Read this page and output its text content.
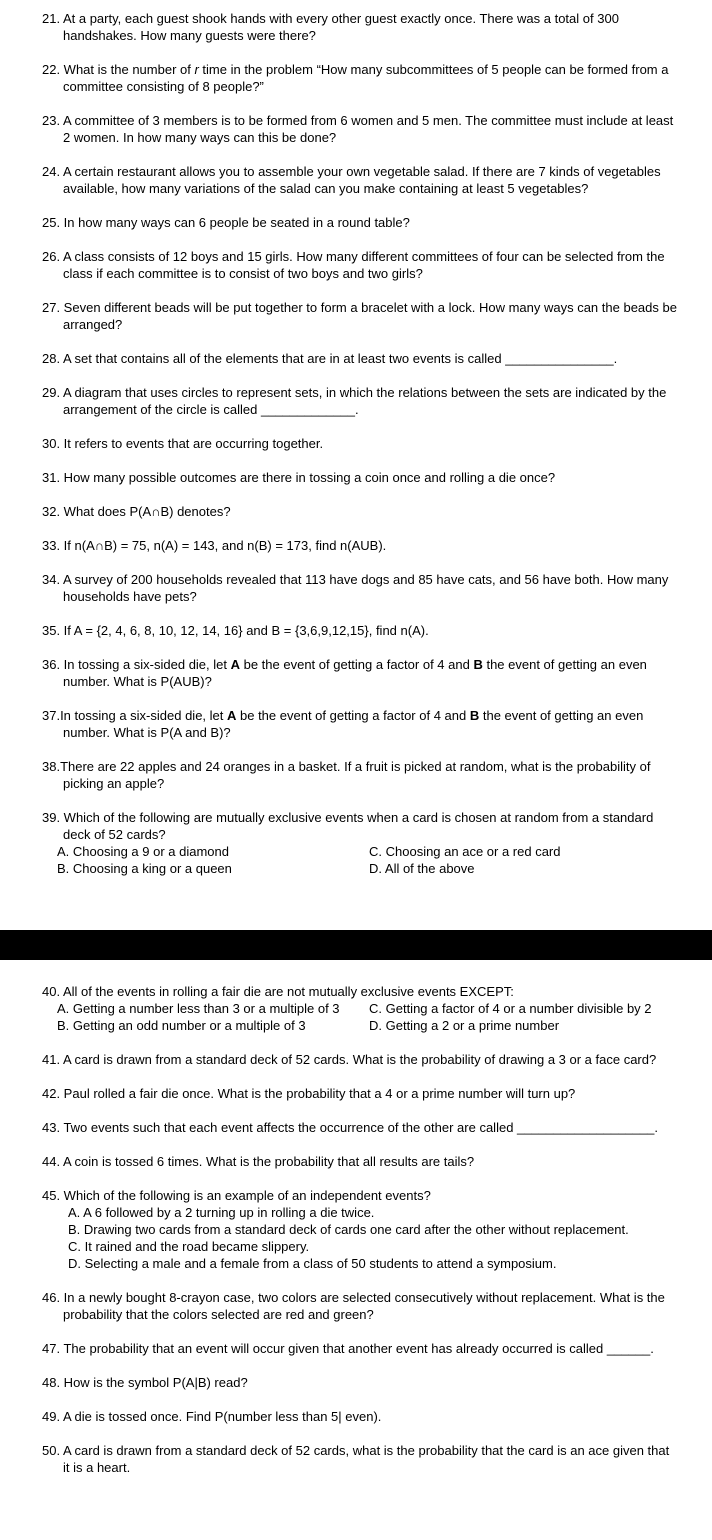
21. At a party, each guest shook hands with every other guest exactly once. There was a total of 300 handshakes. How many guests were there?

22. What is the number of r time in the problem “How many subcommittees of 5 people can be formed from a committee consisting of 8 people?”

23. A committee of 3 members is to be formed from 6 women and 5 men. The committee must include at least 2 women. In how many ways can this be done?

24. A certain restaurant allows you to assemble your own vegetable salad. If there are 7 kinds of vegetables available, how many variations of the salad can you make containing at least 5 vegetables?

25. In how many ways can 6 people be seated in a round table?

26. A class consists of 12 boys and 15 girls. How many different committees of four can be selected from the class if each committee is to consist of two boys and two girls?

27. Seven different beads will be put together to form a bracelet with a lock. How many ways can the beads be arranged?

28. A set that contains all of the elements that are in at least two events is called _______________.

29. A diagram that uses circles to represent sets, in which the relations between the sets are indicated by the arrangement of the circle is called _____________.

30. It refers to events that are occurring together.

31. How many possible outcomes are there in tossing a coin once and rolling a die once?

32. What does P(A∩B) denotes?

33. If n(A∩B) = 75, n(A) = 143, and n(B) = 173, find n(AUB).

34. A survey of 200 households revealed that 113 have dogs and 85 have cats, and 56 have both. How many households have pets?

35. If A = {2, 4, 6, 8, 10, 12, 14, 16} and B = {3,6,9,12,15}, find n(A).

36. In tossing a six-sided die, let A be the event of getting a factor of 4 and B the event of getting an even number. What is P(AUB)?

37.In tossing a six-sided die, let A be the event of getting a factor of 4 and B the event of getting an even number. What is P(A and B)?

38.There are 22 apples and 24 oranges in a basket. If a fruit is picked at random, what is the probability of picking an apple?

39. Which of the following are mutually exclusive events when a card is chosen at random from a standard deck of 52 cards?

A. Choosing a 9 or a diamond	C. Choosing an ace or a red card
B. Choosing a king or a queen	D. All of the above

40. All of the events in rolling a fair die are not mutually exclusive events EXCEPT:

A. Getting a number less than 3 or a multiple of 3	C. Getting a factor of 4 or a number divisible by 2
B. Getting an odd number or a multiple of 3	D. Getting a 2 or a prime number

41. A card is drawn from a standard deck of 52 cards. What is the probability of drawing a 3 or a face card?

42. Paul rolled a fair die once. What is the probability that a 4 or a prime number will turn up?

43. Two events such that each event affects the occurrence of the other are called ___________________.

44. A coin is tossed 6 times. What is the probability that all results are tails?

45. Which of the following is an example of an independent events?

A. A 6 followed by a 2 turning up in rolling a die twice.
B. Drawing two cards from a standard deck of cards one card after the other without replacement.
C. It rained and the road became slippery.
D. Selecting a male and a female from a class of 50 students to attend a symposium.

46. In a newly bought 8-crayon case, two colors are selected consecutively without replacement. What is the probability that the colors selected are red and green?

47. The probability that an event will occur given that another event has already occurred is called ______.

48. How is the symbol P(A|B) read?

49. A die is tossed once. Find P(number less than 5| even).

50. A card is drawn from a standard deck of 52 cards, what is the probability that the card is an ace given that it is a heart.
